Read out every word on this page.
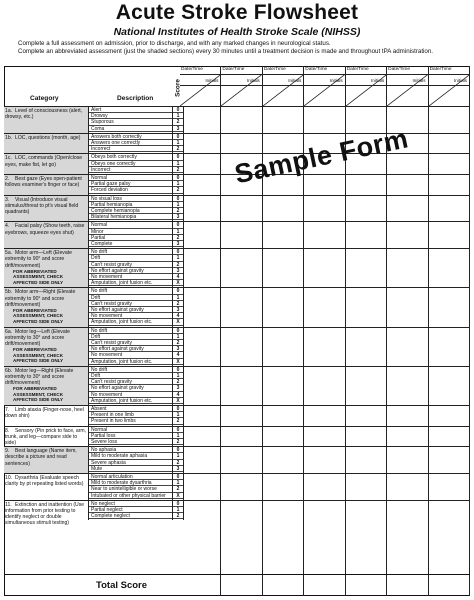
Acute Stroke Flowsheet
National Institutes of Health Stroke Scale (NIHSS)
Complete a full assessment on admission, prior to discharge, and with any marked changes in neurological status.
Complete an abbreviated assessment (just the shaded sections) every 30 minutes until a treatment decision is made and throughout tPA administration.
Date/Time
Initials
Date/Time
Initials
Date/Time
Initials
Date/Time
Initials
Date/Time
Initials
Date/Time
Initials
Date/Time
Initials
Category	Description
Score
1a. Level of consciousness (alert, drowsy, etc.)
Alert
Drowsy
Stuporous
Coma
0
1
2
3
1b. LOC, questions (month, age)	Answers both correctly
Answers one correctly
Incorrect
0
1
2
1c. LOC, commands (Open/close eyes, make fist, let go)
Obeys both correctly
Obeys one correctly
Incorrect
0
1
2
2. Best gaze (Eyes open-patient follows examiner's finger or face)
Normal
Partial gaze palsy
Forced deviation
0
1
2
3. Visual (Introduce visual stimulus/threat to pt's visual field quadrants)
No visual loss
Partial hemianopia
Complete hemianopia
Bilateral hemianopia
0
1
2
3
4. Facial palsy (Show teeth, raise eyebrows, squeeze eyes shut)
Normal
Minor
Partial
Complete
0
1
2
3
5a. Motor arm—Left (Elevate extremity to 90° and score drift/movement)
FOR ABBREVIATED ASSESSMENT, CHECK AFFECTED SIDE ONLY
No drift
Drift
Can't resist gravity
No effort against gravity
No movement
Amputation, joint fusion etc.
0
1
2
3
4
X
5b. Motor arm—Right (Elevate extremity to 90° and score drift/movement)
FOR ABBREVIATED ASSESSMENT, CHECK AFFECTED SIDE ONLY
No drift
Drift
Can't resist gravity
No effort against gravity
No movement
Amputation, joint fusion etc.
0
1
2
3
4
X
6a. Motor leg—Left (Elevate extremity to 30° and score drift/movement)
FOR ABBREVIATED ASSESSMENT, CHECK AFFECTED SIDE ONLY
No drift
Drift
Can't resist gravity
No effort against gravity
No movement
Amputation, joint fusion etc.
0
1
2
3
4
X
6b. Motor leg—Right (Elevate extremity to 30° and score drift/movement)
FOR ABBREVIATED ASSESSMENT, CHECK AFFECTED SIDE ONLY
No drift
Drift
Can't resist gravity
No effort against gravity
No movement
Amputation, joint fusion etc.
0
1
2
3
4
X
7. Limb ataxia (Finger-nose, heel down shin)
Absent
Present in one limb
Present in two limbs
0
1
2
8. Sensory (Pin prick to face, arm, trunk, and leg—compare side to side)
Normal
Partial loss
Severe loss
0
1
2
9. Best language (Name item, describe a picture and read sentences)
No aphasia
Mild to moderate aphasia
Severe aphasia
Mute
0
1
2
3
10. Dysarthria (Evaluate speech clarity by pt repeating listed words)
Normal articulation
Mild to moderate dysarthria
Near to unintelligible or worse
Intubated or other physical barrier
0
1
2
X
11. Extinction and inattention (Use information from prior testing to identify neglect or double simultaneous stimuli testing)
No neglect
Partial neglect
Complete neglect
0
1
2
Sample Form
Total Score
